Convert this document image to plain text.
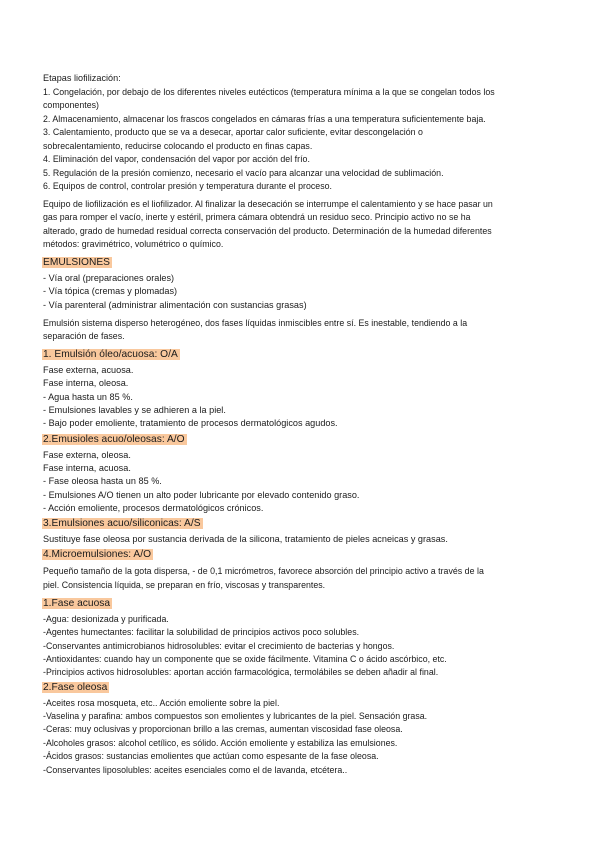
Etapas liofilización:
1. Congelación, por debajo de los diferentes niveles eutécticos (temperatura mínima a la que se congelan todos los
componentes)
2. Almacenamiento, almacenar los frascos congelados en cámaras frías a una temperatura suficientemente baja.
3. Calentamiento, producto que se va a desecar, aportar calor suficiente, evitar descongelación o
sobrecalentamiento, reducirse colocando el producto en finas capas.
4. Eliminación del vapor, condensación del vapor por acción del frío.
5. Regulación de la presión comienzo, necesario el vacío para alcanzar una velocidad de sublimación.
6. Equipos de control, controlar presión y temperatura durante el proceso.
Equipo de liofilización es el liofilizador. Al finalizar la desecación se interrumpe el calentamiento y se hace pasar un
gas para romper el vacío, inerte y estéril, primera cámara obtendrá un residuo seco. Principio activo no se ha
alterado, grado de humedad residual correcta conservación del producto. Determinación de la humedad diferentes
métodos: gravimétrico, volumétrico o químico.
EMULSIONES
- Vía oral (preparaciones orales)
- Vía tópica (cremas y plomadas)
- Vía parenteral (administrar alimentación con sustancias grasas)
Emulsión sistema disperso heterogéneo, dos fases líquidas inmiscibles entre sí. Es inestable, tendiendo a la
separación de fases.
1. Emulsión óleo/acuosa: O/A
Fase externa, acuosa.
Fase interna, oleosa.
- Agua hasta un 85 %.
- Emulsiones lavables y se adhieren a la piel.
- Bajo poder emoliente, tratamiento de procesos dermatológicos agudos.
2.Emusioles acuo/oleosas: A/O
Fase externa, oleosa.
Fase interna, acuosa.
- Fase oleosa hasta un 85 %.
- Emulsiones A/O tienen un alto poder lubricante por elevado contenido graso.
- Acción emoliente, procesos dermatológicos crónicos.
3.Emulsiones acuo/siliconicas: A/S
Sustituye fase oleosa por sustancia derivada de la silicona, tratamiento de pieles acneicas y grasas.
4.Microemulsiones: A/O
Pequeño tamaño de la gota dispersa, - de 0,1 micrómetros, favorece absorción del principio activo a través de la
piel. Consistencia líquida, se preparan en frío, viscosas y transparentes.
1.Fase acuosa
-Agua: desionizada y purificada.
-Agentes humectantes: facilitar la solubilidad de principios activos poco solubles.
-Conservantes antimicrobianos hidrosolubles: evitar el crecimiento de bacterias y hongos.
-Antioxidantes: cuando hay un componente que se oxide fácilmente. Vitamina C o ácido ascórbico, etc.
-Principios activos hidrosolubles: aportan acción farmacológica, termolábiles se deben añadir al final.
2.Fase oleosa
-Aceites rosa mosqueta, etc.. Acción emoliente sobre la piel.
-Vaselina y parafina: ambos compuestos son emolientes y lubricantes de la piel. Sensación grasa.
-Ceras: muy oclusivas y proporcionan brillo a las cremas, aumentan viscosidad fase oleosa.
-Alcoholes grasos: alcohol cetílico, es sólido. Acción emoliente y estabiliza las emulsiones.
-Ácidos grasos: sustancias emolientes que actúan como espesante de la fase oleosa.
-Conservantes liposolubles: aceites esenciales como el de lavanda, etcétera..
